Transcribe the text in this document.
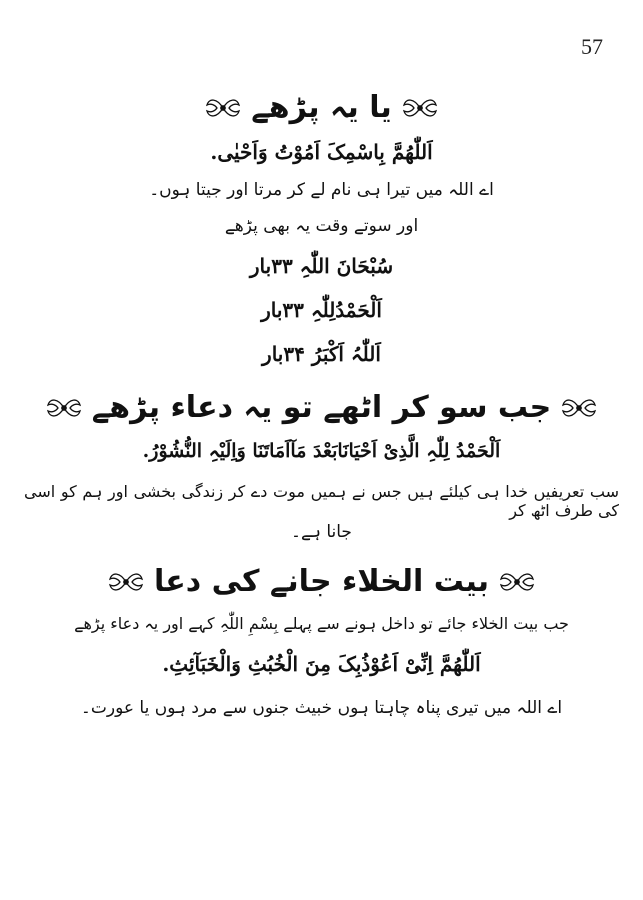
57
یا یہ پڑھے

اَللّٰھُمَّ بِاسْمِکَ اَمُوْتُ وَاَحْیٰی.

اے اللہ میں تیرا ہی نام لے کر مرتا اور جیتا ہوں۔

اور سوتے وقت یہ بھی پڑھے

سُبْحَانَ اللّٰہِ ۳۳بار

اَلْحَمْدُلِلّٰہِ ۳۳بار

اَللّٰہُ اَکْبَرُ ۳۴بار

جب سو کر اٹھے تو یہ دعاء پڑھے

اَلْحَمْدُ لِلّٰہِ الَّذِیْ اَحْیَانَابَعْدَ مَآاَمَاتَنَا وَاِلَیْہِ النُّشُوْرُ.

سب تعریفیں خدا ہی کیلئے ہیں جس نے ہمیں موت دے کر زندگی بخشی اور ہم کو اسی کی طرف اٹھ کر

جانا ہے۔

بیت الخلاء جانے کی دعا

جب بیت الخلاء جائے تو داخل ہونے سے پہلے بِسْمِ اللّٰہِ کہے اور یہ دعاء پڑھے

اَللّٰھُمَّ اِنِّیْ اَعُوْذُبِکَ مِنَ الْخُبُثِ وَالْخَبَآئِثِ.

اے اللہ میں تیری پناہ چاہتا ہوں خبیث جنوں سے مرد ہوں یا عورت۔
